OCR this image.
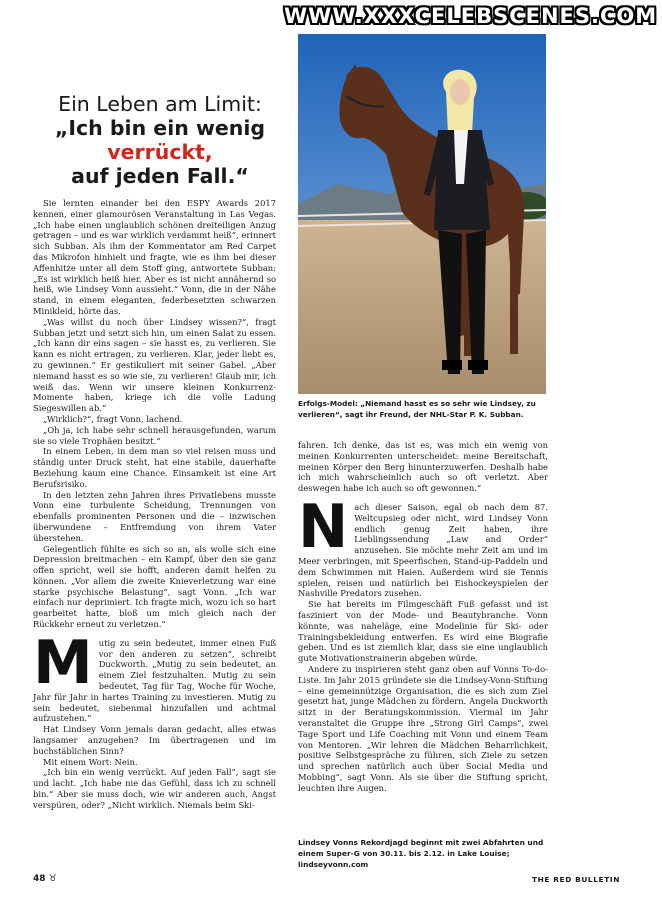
WWW.XXXCELEBSCENES.COM
Ein Leben am Limit:
„Ich bin ein wenig
verrückt,
auf jeden Fall.“
Erfolgs-Model: „Niemand hasst es so sehr wie Lindsey, zu verlieren“, sagt ihr Freund, der NHL-Star P. K. Subban.

Sie lernten einander bei den ESPY Awards 2017 kennen, einer glamourösen Veranstaltung in Las Vegas. „Ich habe einen unglaublich schönen dreiteiligen Anzug getragen – und es war wirklich verdammt heiß“, erinnert sich Subban. Als ihm der Kommentator am Red Carpet das Mikrofon hinhielt und fragte, wie es ihm bei dieser Affenhitze unter all dem Stoff ging, antwortete Subban: „Es ist wirklich heiß hier. Aber es ist nicht annähernd so heiß, wie Lindsey Vonn aussieht.“ Vonn, die in der Nähe stand, in einem eleganten, federbesetzten schwarzen Minikleid, hörte das.

„Was willst du noch über Lindsey wissen?“, fragt Subban jetzt und setzt sich hin, um einen Salat zu essen. „Ich kann dir eins sagen – sie hasst es, zu verlieren. Sie kann es nicht ertragen, zu verlieren. Klar, jeder liebt es, zu gewinnen.“ Er gestikuliert mit seiner Gabel. „Aber niemand hasst es so wie sie, zu verlieren! Glaub mir, ich weiß das. Wenn wir unsere kleinen Konkurrenz-Momente haben, kriege ich die volle Ladung Siegeswillen ab.“

„Wirklich?“, fragt Vonn, lachend.

„Oh ja, ich habe sehr schnell herausgefunden, warum sie so viele Trophäen besitzt.“

In einem Leben, in dem man so viel reisen muss und ständig unter Druck steht, hat eine stabile, dauerhafte Beziehung kaum eine Chance. Einsamkeit ist eine Art Berufsrisiko.

In den letzten zehn Jahren ihres Privatlebens musste Vonn eine turbulente Scheidung, Trennungen von ebenfalls prominenten Personen und die – inzwischen überwundene – Entfremdung von ihrem Vater überstehen.

Gelegentlich fühlte es sich so an, als wolle sich eine Depression breitmachen – ein Kampf, über den sie ganz offen spricht, weil sie hofft, anderen damit helfen zu können. „Vor allem die zweite Knieverletzung war eine starke psychische Belastung“, sagt Vonn. „Ich war einfach nur deprimiert. Ich fragte mich, wozu ich so hart gearbeitet hatte, bloß um mich gleich nach der Rückkehr erneut zu verletzen.“

M utig zu sein bedeutet, immer einen Fuß vor den anderen zu setzen“, schreibt Duckworth. „Mutig zu sein bedeutet, an einem Ziel festzuhalten. Mutig zu sein bedeutet, Tag für Tag, Woche für Woche, Jahr für Jahr in hartes Training zu investieren. Mutig zu sein bedeutet, siebenmal hinzufallen und achtmal aufzustehen.“

Hat Lindsey Vonn jemals daran gedacht, alles etwas langsamer anzugehen? Im übertragenen und im buchstäblichen Sinn?

Mit einem Wort: Nein.

„Ich bin ein wenig verrückt. Auf jeden Fall“, sagt sie und lacht. „Ich habe nie das Gefühl, dass ich zu schnell bin.“ Aber sie muss doch, wie wir anderen auch, Angst verspüren, oder? „Nicht wirklich. Niemals beim Ski-

fahren. Ich denke, das ist es, was mich ein wenig von meinen Konkurrenten unterscheidet: meine Bereitschaft, meinen Körper den Berg hinunterzuwerfen. Deshalb habe ich mich wahrscheinlich auch so oft verletzt. Aber deswegen habe ich auch so oft gewonnen.“

N ach dieser Saison, egal ob nach dem 87. Weltcupsieg oder nicht, wird Lindsey Vonn endlich genug Zeit haben, ihre Lieblingssendung „Law and Order“ anzusehen. Sie möchte mehr Zeit am und im Meer verbringen, mit Speerfischen, Stand-up-Paddeln und dem Schwimmen mit Haien. Außerdem wird sie Tennis spielen, reisen und natürlich bei Eishockeyspielen der Nashville Predators zusehen.

Sie hat bereits im Filmgeschäft Fuß gefasst und ist fasziniert von der Mode- und Beautybranche. Vonn könnte, was naheläge, eine Modelinie für Ski- oder Trainingsbekleidung entwerfen. Es wird eine Biografie geben. Und es ist ziemlich klar, dass sie eine unglaublich gute Motivationstrainerin abgeben würde.

Andere zu inspirieren steht ganz oben auf Vonns To-do-Liste. Im Jahr 2015 gründete sie die Lindsey-Vonn-Stiftung – eine gemeinnützige Organisation, die es sich zum Ziel gesetzt hat, junge Mädchen zu fördern. Angela Duckworth sitzt in der Beratungskommission. Viermal im Jahr veranstaltet die Gruppe ihre „Strong Girl Camps“, zwei Tage Sport und Life Coaching mit Vonn und einem Team von Mentoren. „Wir lehren die Mädchen Beharrlichkeit, positive Selbstgespräche zu führen, sich Ziele zu setzen und sprechen natürlich auch über Social Media und Mobbing“, sagt Vonn. Als sie über die Stiftung spricht, leuchten ihre Augen.

Lindsey Vonns Rekordjagd beginnt mit zwei Abfahrten und einem Super-G von 30.11. bis 2.12. in Lake Louise; lindseyvonn.com
48 ♉	THE RED BULLETIN
